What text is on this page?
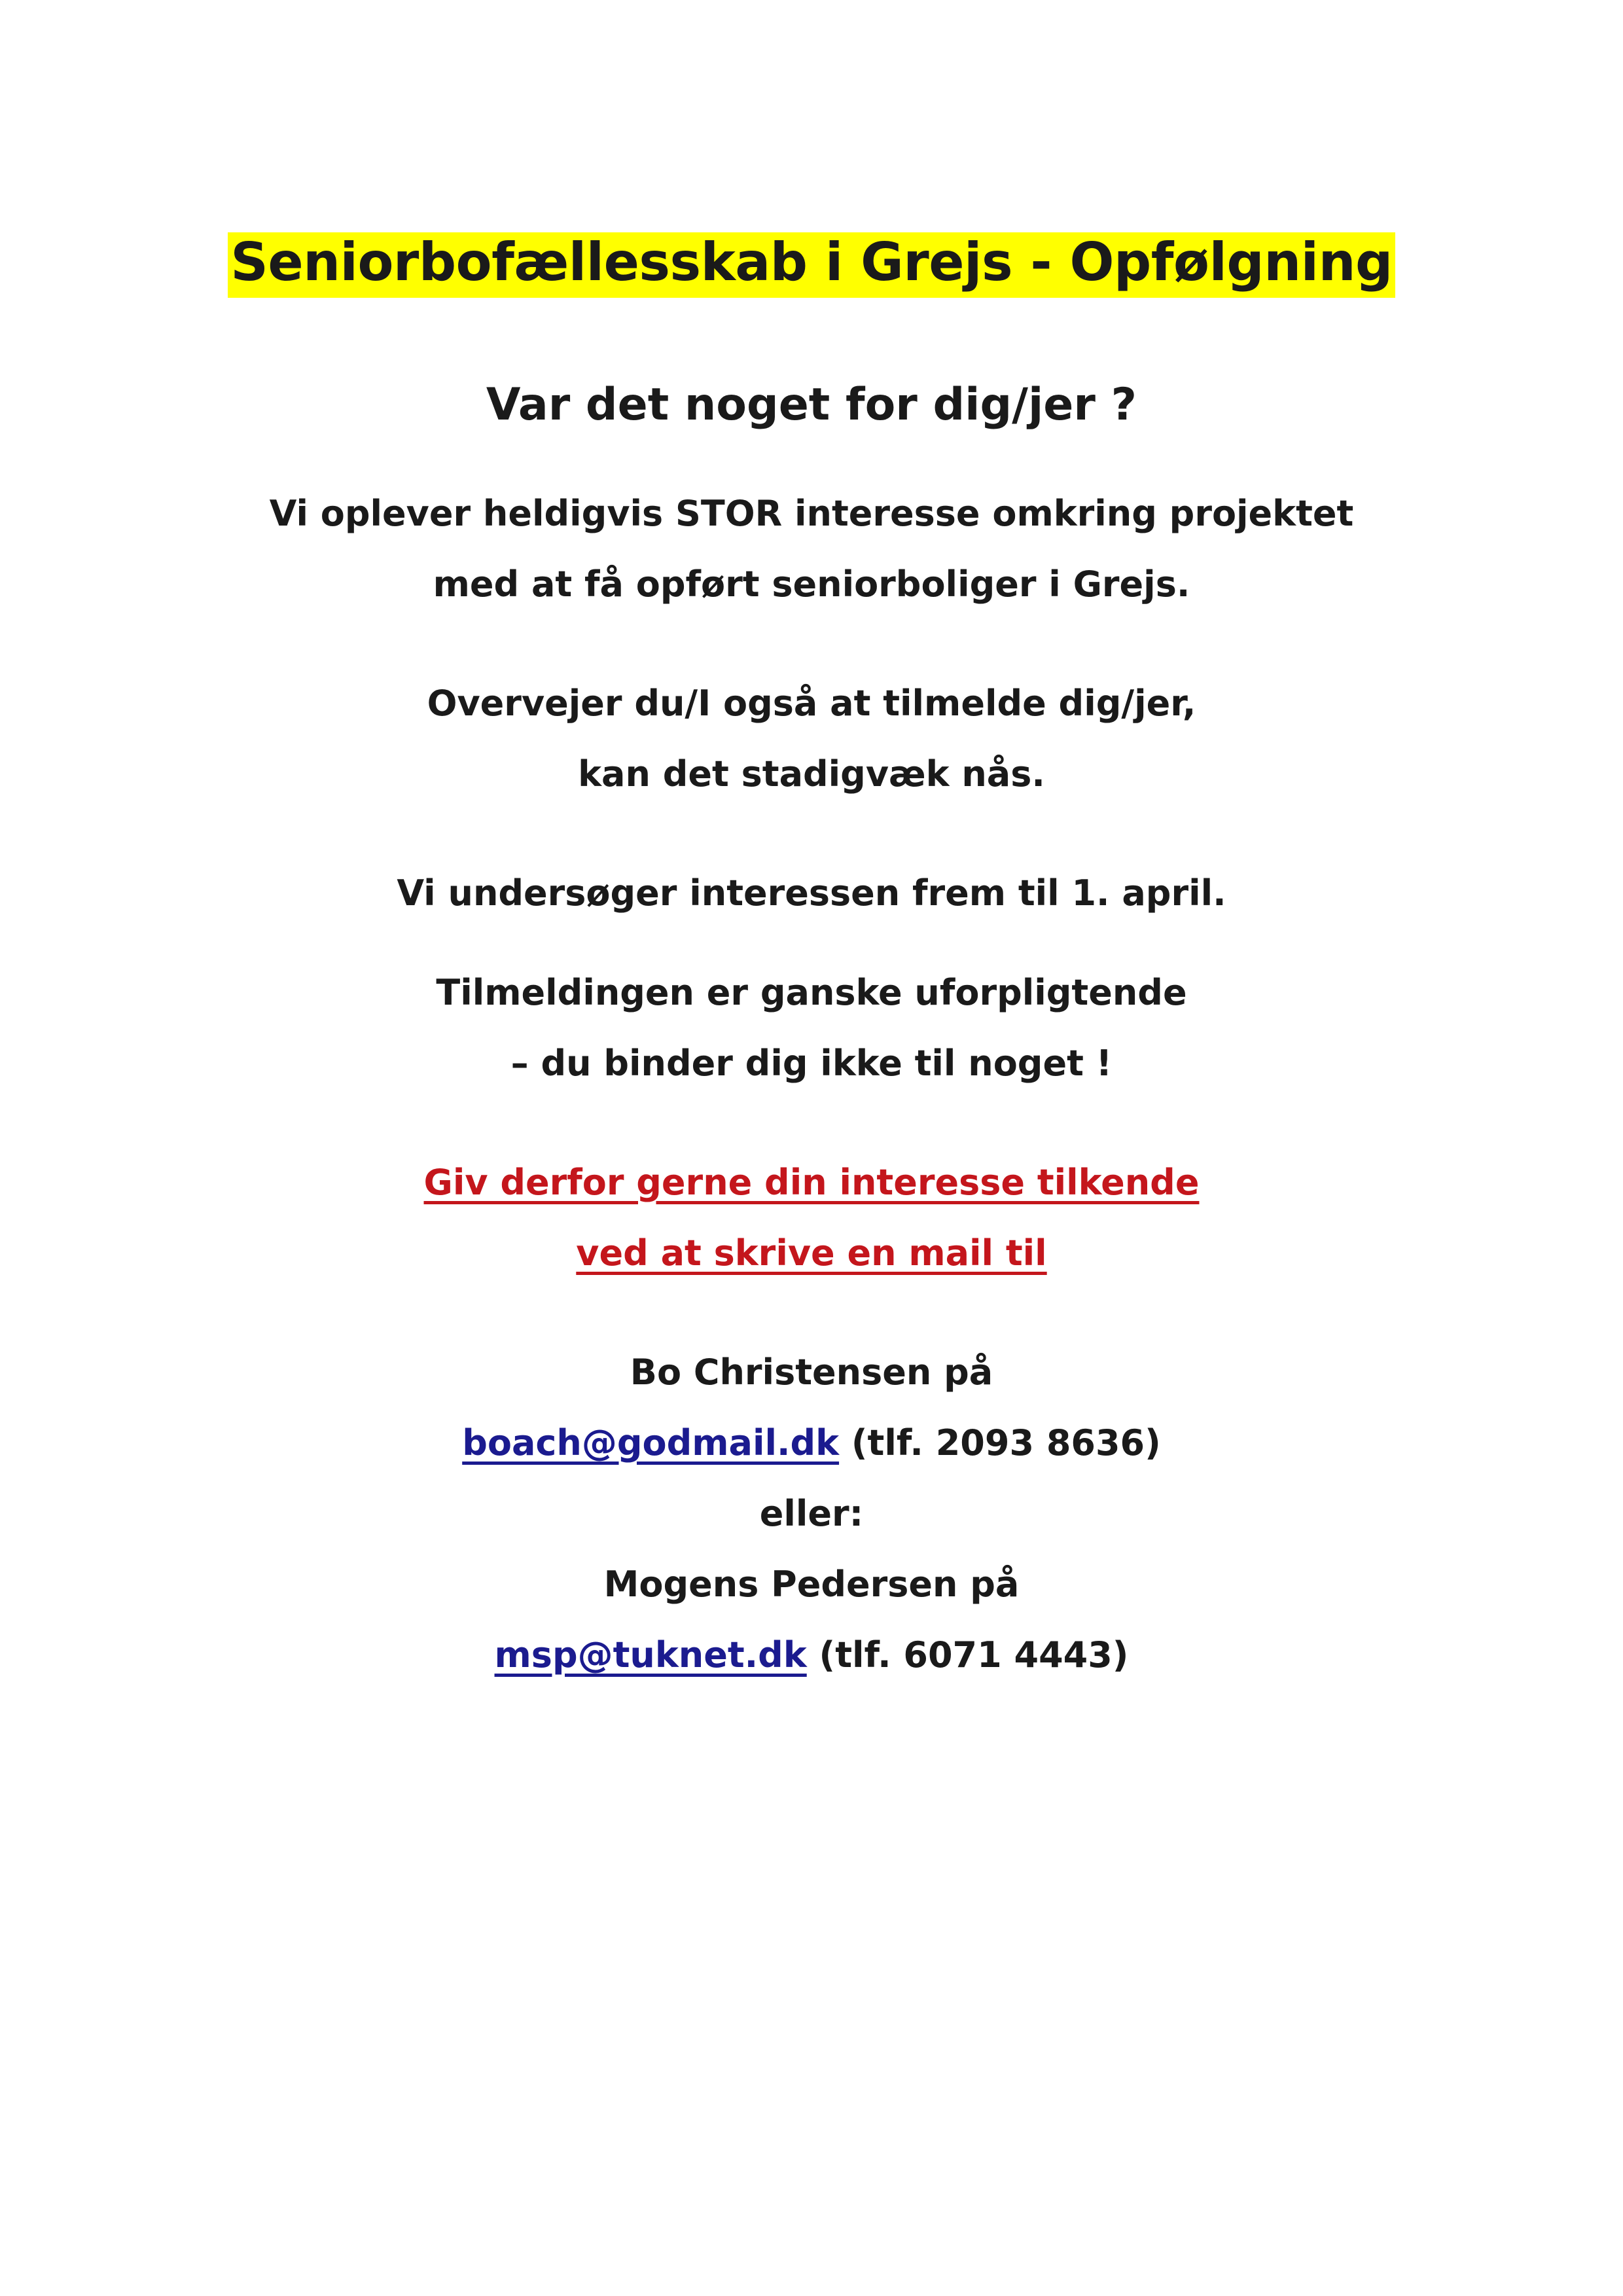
Seniorbofællesskab i Grejs - Opfølgning
Var det noget for dig/jer ?
Vi oplever heldigvis STOR interesse omkring projektet
med at få opført seniorboliger i Grejs.
Overvejer du/I også at tilmelde dig/jer,
kan det stadigvæk nås.
Vi undersøger interessen frem til 1. april.
Tilmeldingen er ganske uforpligtende
– du binder dig ikke til noget !
Giv derfor gerne din interesse tilkende
ved at skrive en mail til
Bo Christensen på
boach@godmail.dk (tlf. 2093 8636)
eller:
Mogens Pedersen på
msp@tuknet.dk (tlf. 6071 4443)
